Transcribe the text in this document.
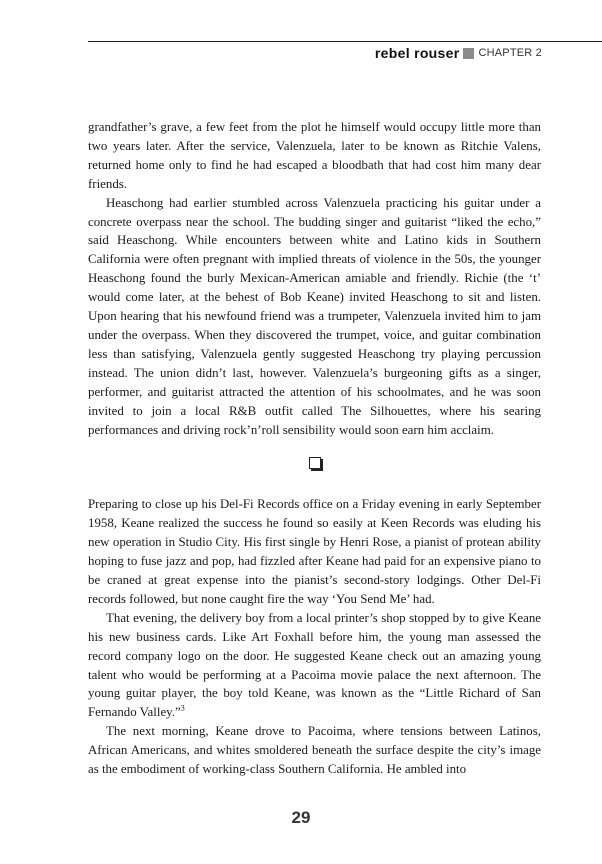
rebel rouser CHAPTER 2

grandfather’s grave, a few feet from the plot he himself would occupy little more than two years later. After the service, Valenzuela, later to be known as Ritchie Valens, returned home only to find he had escaped a bloodbath that had cost him many dear friends.

Heaschong had earlier stumbled across Valenzuela practicing his guitar under a concrete overpass near the school. The budding singer and guitarist “liked the echo,” said Heaschong. While encounters between white and Latino kids in Southern California were often pregnant with implied threats of violence in the 50s, the younger Heaschong found the burly Mexican-American amiable and friendly. Richie (the ‘t’ would come later, at the behest of Bob Keane) invited Heaschong to sit and listen. Upon hearing that his newfound friend was a trumpeter, Valenzuela invited him to jam under the overpass. When they discovered the trumpet, voice, and guitar combination less than satisfying, Valenzuela gently suggested Heaschong try playing percussion instead. The union didn’t last, however. Valenzuela’s burgeoning gifts as a singer, performer, and guitarist attracted the attention of his schoolmates, and he was soon invited to join a local R&B outfit called The Silhouettes, where his searing performances and driving rock’n’roll sensibility would soon earn him acclaim.

Preparing to close up his Del-Fi Records office on a Friday evening in early September 1958, Keane realized the success he found so easily at Keen Records was eluding his new operation in Studio City. His first single by Henri Rose, a pianist of protean ability hoping to fuse jazz and pop, had fizzled after Keane had paid for an expensive piano to be craned at great expense into the pianist’s second-story lodgings. Other Del-Fi records followed, but none caught fire the way ‘You Send Me’ had.

That evening, the delivery boy from a local printer’s shop stopped by to give Keane his new business cards. Like Art Foxhall before him, the young man assessed the record company logo on the door. He suggested Keane check out an amazing young talent who would be performing at a Pacoima movie palace the next afternoon. The young guitar player, the boy told Keane, was known as the “Little Richard of San Fernando Valley.”$^3$

The next morning, Keane drove to Pacoima, where tensions between Latinos, African Americans, and whites smoldered beneath the surface despite the city’s image as the embodiment of working-class Southern California. He ambled into

29
